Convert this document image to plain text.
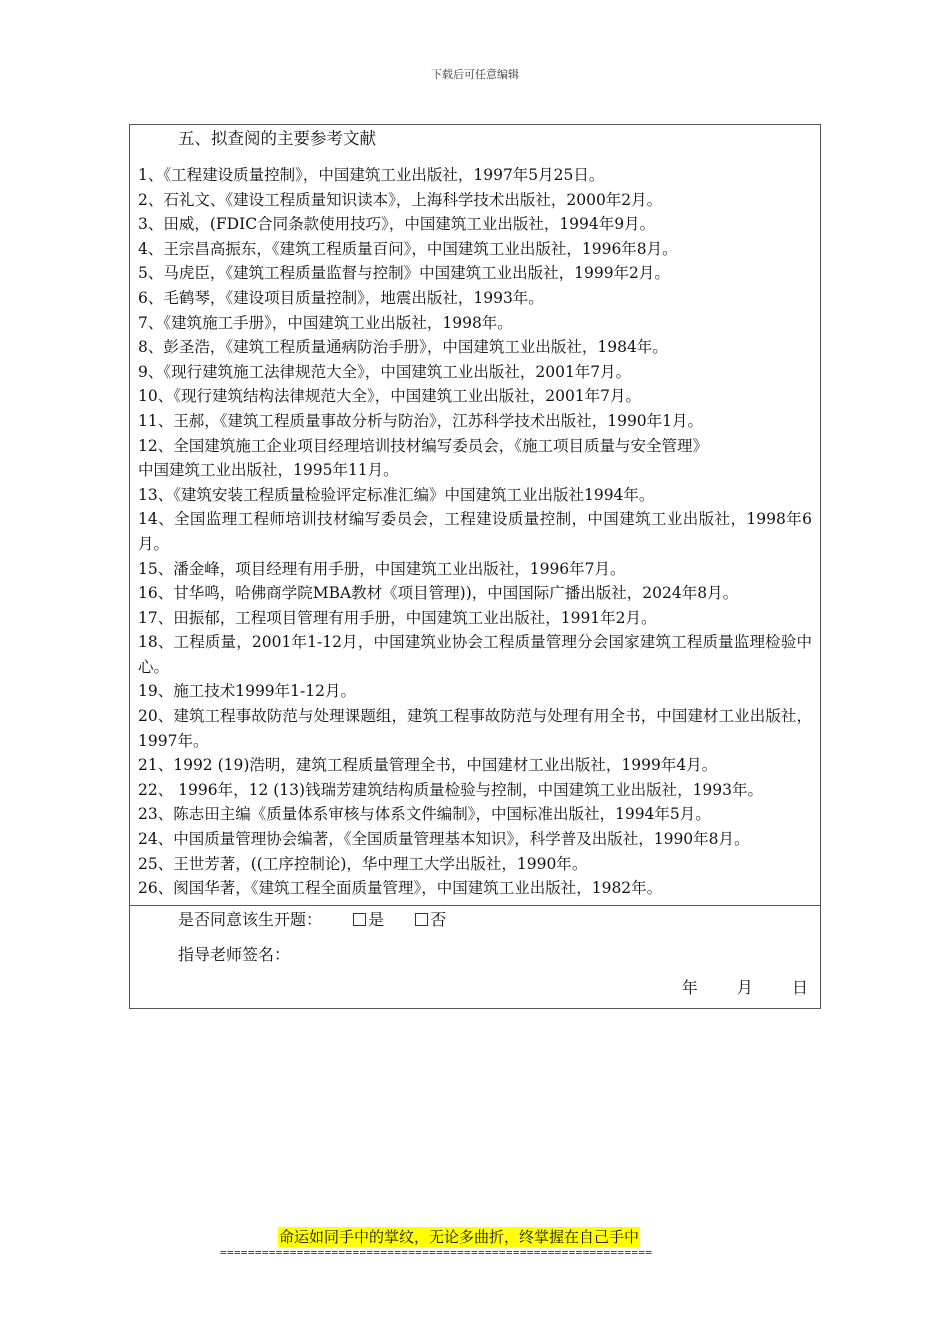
下载后可任意编辑
五、拟查阅的主要参考文献
1、《工程建设质量控制》，中国建筑工业出版社，1997年5月25日。
2、石礼文、《建设工程质量知识读本》，上海科学技术出版社，2000年2月。
3、田威，(FDIC合同条款使用技巧》，中国建筑工业出版社，1994年9月。
4、王宗昌高振东，《建筑工程质量百问》，中国建筑工业出版社，1996年8月。
5、马虎臣，《建筑工程质量监督与控制》中国建筑工业出版社，1999年2月。
6、毛鹤琴，《建设项目质量控制》，地震出版社，1993年。
7、《建筑施工手册》，中国建筑工业出版社，1998年。
8、彭圣浩，《建筑工程质量通病防治手册》，中国建筑工业出版社，1984年。
9、《现行建筑施工法律规范大全》，中国建筑工业出版社，2001年7月。
10、《现行建筑结构法律规范大全》，中国建筑工业出版社，2001年7月。
11、王郝，《建筑工程质量事故分析与防治》，江苏科学技术出版社，1990年1月。
12、全国建筑施工企业项目经理培训技材编写委员会，《施工项目质量与安全管理》
中国建筑工业出版社，1995年11月。
13、《建筑安装工程质量检验评定标准汇编》中国建筑工业出版社1994年。
14、全国监理工程师培训技材编写委员会，工程建设质量控制，中国建筑工业出版社，1998年6月。
15、潘金峰，项目经理有用手册，中国建筑工业出版社，1996年7月。
16、甘华鸣，哈佛商学院MBA教材《项目管理))，中国国际广播出版社，2024年8月。
17、田振郁，工程项目管理有用手册，中国建筑工业出版社，1991年2月。
18、工程质量，2001年1-12月，中国建筑业协会工程质量管理分会国家建筑工程质量监理检验中心。
19、施工技术1999年1-12月。
20、建筑工程事故防范与处理课题组，建筑工程事故防范与处理有用全书，中国建材工业出版社，1997年。
21、1992 (19)浩明，建筑工程质量管理全书，中国建材工业出版社，1999年4月。
22、 1996年，12 (13)钱瑞芳建筑结构质量检验与控制，中国建筑工业出版社，1993年。
23、陈志田主编《质量体系审核与体系文件编制》，中国标准出版社，1994年5月。
24、中国质量管理协会编著，《全国质量管理基本知识》，科学普及出版社，1990年8月。
25、王世芳著，((工序控制论)，华中理工大学出版社，1990年。
26、阂国华著，《建筑工程全面质量管理》，中国建筑工业出版社，1982年。
是否同意该生开题：	是	否
指导老师签名：
年 月 日
命运如同手中的掌纹，无论多曲折，终掌握在自己手中
==============================================================
